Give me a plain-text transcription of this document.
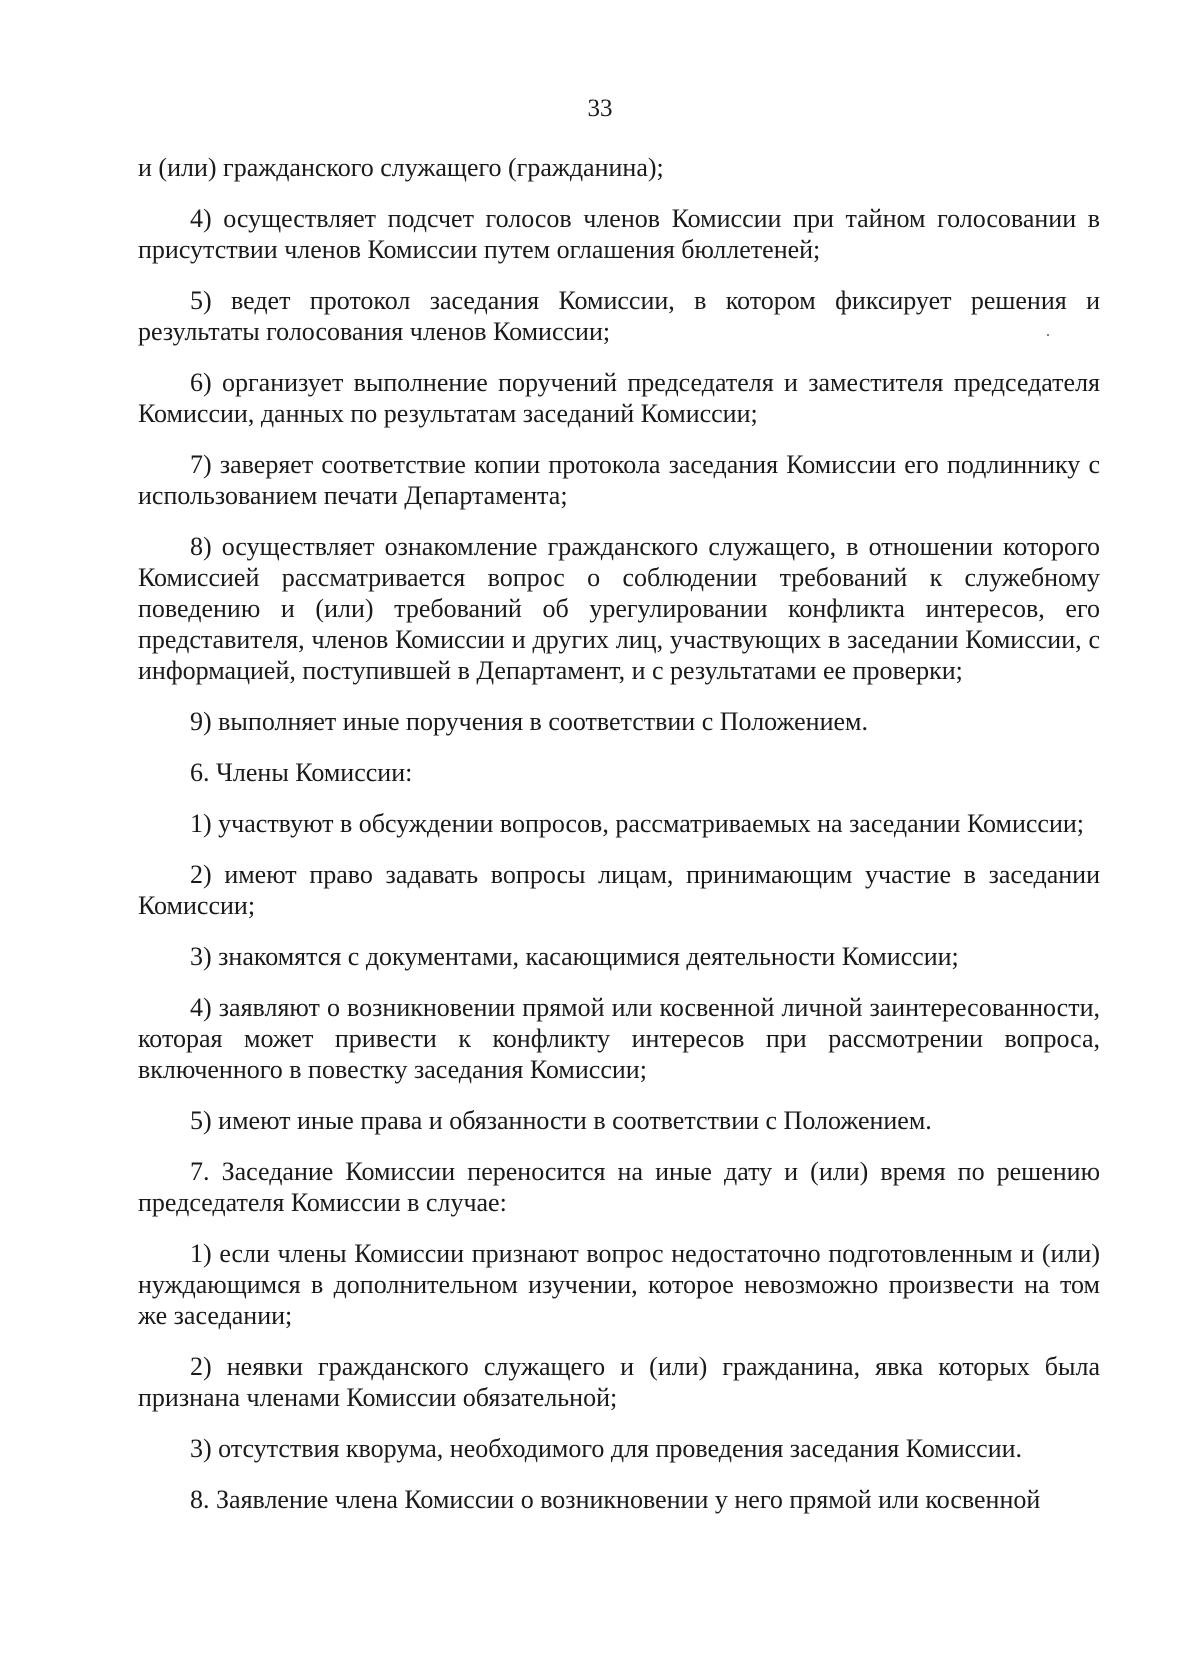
33

и (или) гражданского служащего (гражданина);

4) осуществляет подсчет голосов членов Комиссии при тайном голосовании в присутствии членов Комиссии путем оглашения бюллетеней;

5) ведет протокол заседания Комиссии, в котором фиксирует решения и результаты голосования членов Комиссии;

6) организует выполнение поручений председателя и заместителя председателя Комиссии, данных по результатам заседаний Комиссии;

7) заверяет соответствие копии протокола заседания Комиссии его подлиннику с использованием печати Департамента;

8) осуществляет ознакомление гражданского служащего, в отношении которого Комиссией рассматривается вопрос о соблюдении требований к служебному поведению и (или) требований об урегулировании конфликта интересов, его представителя, членов Комиссии и других лиц, участвующих в заседании Комиссии, с информацией, поступившей в Департамент, и с результатами ее проверки;

9) выполняет иные поручения в соответствии с Положением.

6. Члены Комиссии:

1) участвуют в обсуждении вопросов, рассматриваемых на заседании Комиссии;

2) имеют право задавать вопросы лицам, принимающим участие в заседании Комиссии;

3) знакомятся с документами, касающимися деятельности Комиссии;

4) заявляют о возникновении прямой или косвенной личной заинтересованности, которая может привести к конфликту интересов при рассмотрении вопроса, включенного в повестку заседания Комиссии;

5) имеют иные права и обязанности в соответствии с Положением.

7. Заседание Комиссии переносится на иные дату и (или) время по решению председателя Комиссии в случае:

1) если члены Комиссии признают вопрос недостаточно подготовленным и (или) нуждающимся в дополнительном изучении, которое невозможно произвести на том же заседании;

2) неявки гражданского служащего и (или) гражданина, явка которых была признана членами Комиссии обязательной;

3) отсутствия кворума, необходимого для проведения заседания Комиссии.

8. Заявление члена Комиссии о возникновении у него прямой или косвенной
